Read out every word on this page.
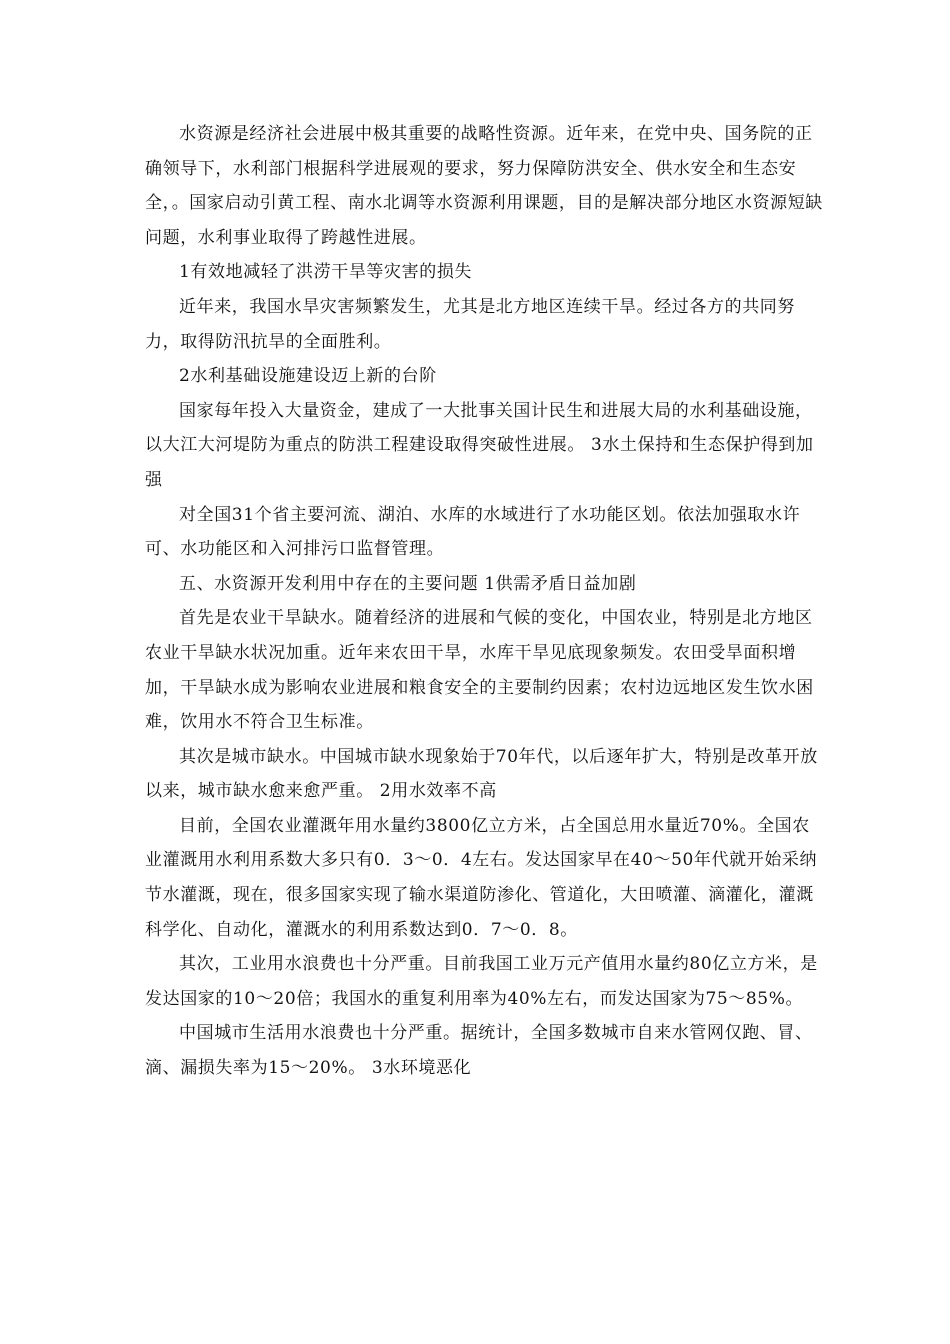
水资源是经济社会进展中极其重要的战略性资源。近年来，在党中央、国务院的正确领导下，水利部门根据科学进展观的要求，努力保障防洪安全、供水安全和生态安全，。国家启动引黄工程、南水北调等水资源利用课题，目的是解决部分地区水资源短缺问题，水利事业取得了跨越性进展。

1有效地减轻了洪涝干旱等灾害的损失

近年来，我国水旱灾害频繁发生，尤其是北方地区连续干旱。经过各方的共同努力，取得防汛抗旱的全面胜利。

2水利基础设施建设迈上新的台阶

国家每年投入大量资金，建成了一大批事关国计民生和进展大局的水利基础设施，以大江大河堤防为重点的防洪工程建设取得突破性进展。 3水土保持和生态保护得到加强

对全国31个省主要河流、湖泊、水库的水域进行了水功能区划。依法加强取水许可、水功能区和入河排污口监督管理。

五、水资源开发利用中存在的主要问题 1供需矛盾日益加剧

首先是农业干旱缺水。随着经济的进展和气候的变化，中国农业，特别是北方地区农业干旱缺水状况加重。近年来农田干旱，水库干旱见底现象频发。农田受旱面积增加，干旱缺水成为影响农业进展和粮食安全的主要制约因素；农村边远地区发生饮水困难，饮用水不符合卫生标准。

其次是城市缺水。中国城市缺水现象始于70年代，以后逐年扩大，特别是改革开放以来，城市缺水愈来愈严重。 2用水效率不高

目前，全国农业灌溉年用水量约3800亿立方米，占全国总用水量近70%。全国农业灌溉用水利用系数大多只有0．3～0．4左右。发达国家早在40～50年代就开始采纳节水灌溉，现在，很多国家实现了输水渠道防渗化、管道化，大田喷灌、滴灌化，灌溉科学化、自动化，灌溉水的利用系数达到0．7～0．8。

其次，工业用水浪费也十分严重。目前我国工业万元产值用水量约80亿立方米，是发达国家的10～20倍；我国水的重复利用率为40%左右，而发达国家为75～85%。

中国城市生活用水浪费也十分严重。据统计，全国多数城市自来水管网仅跑、冒、滴、漏损失率为15～20%。 3水环境恶化
